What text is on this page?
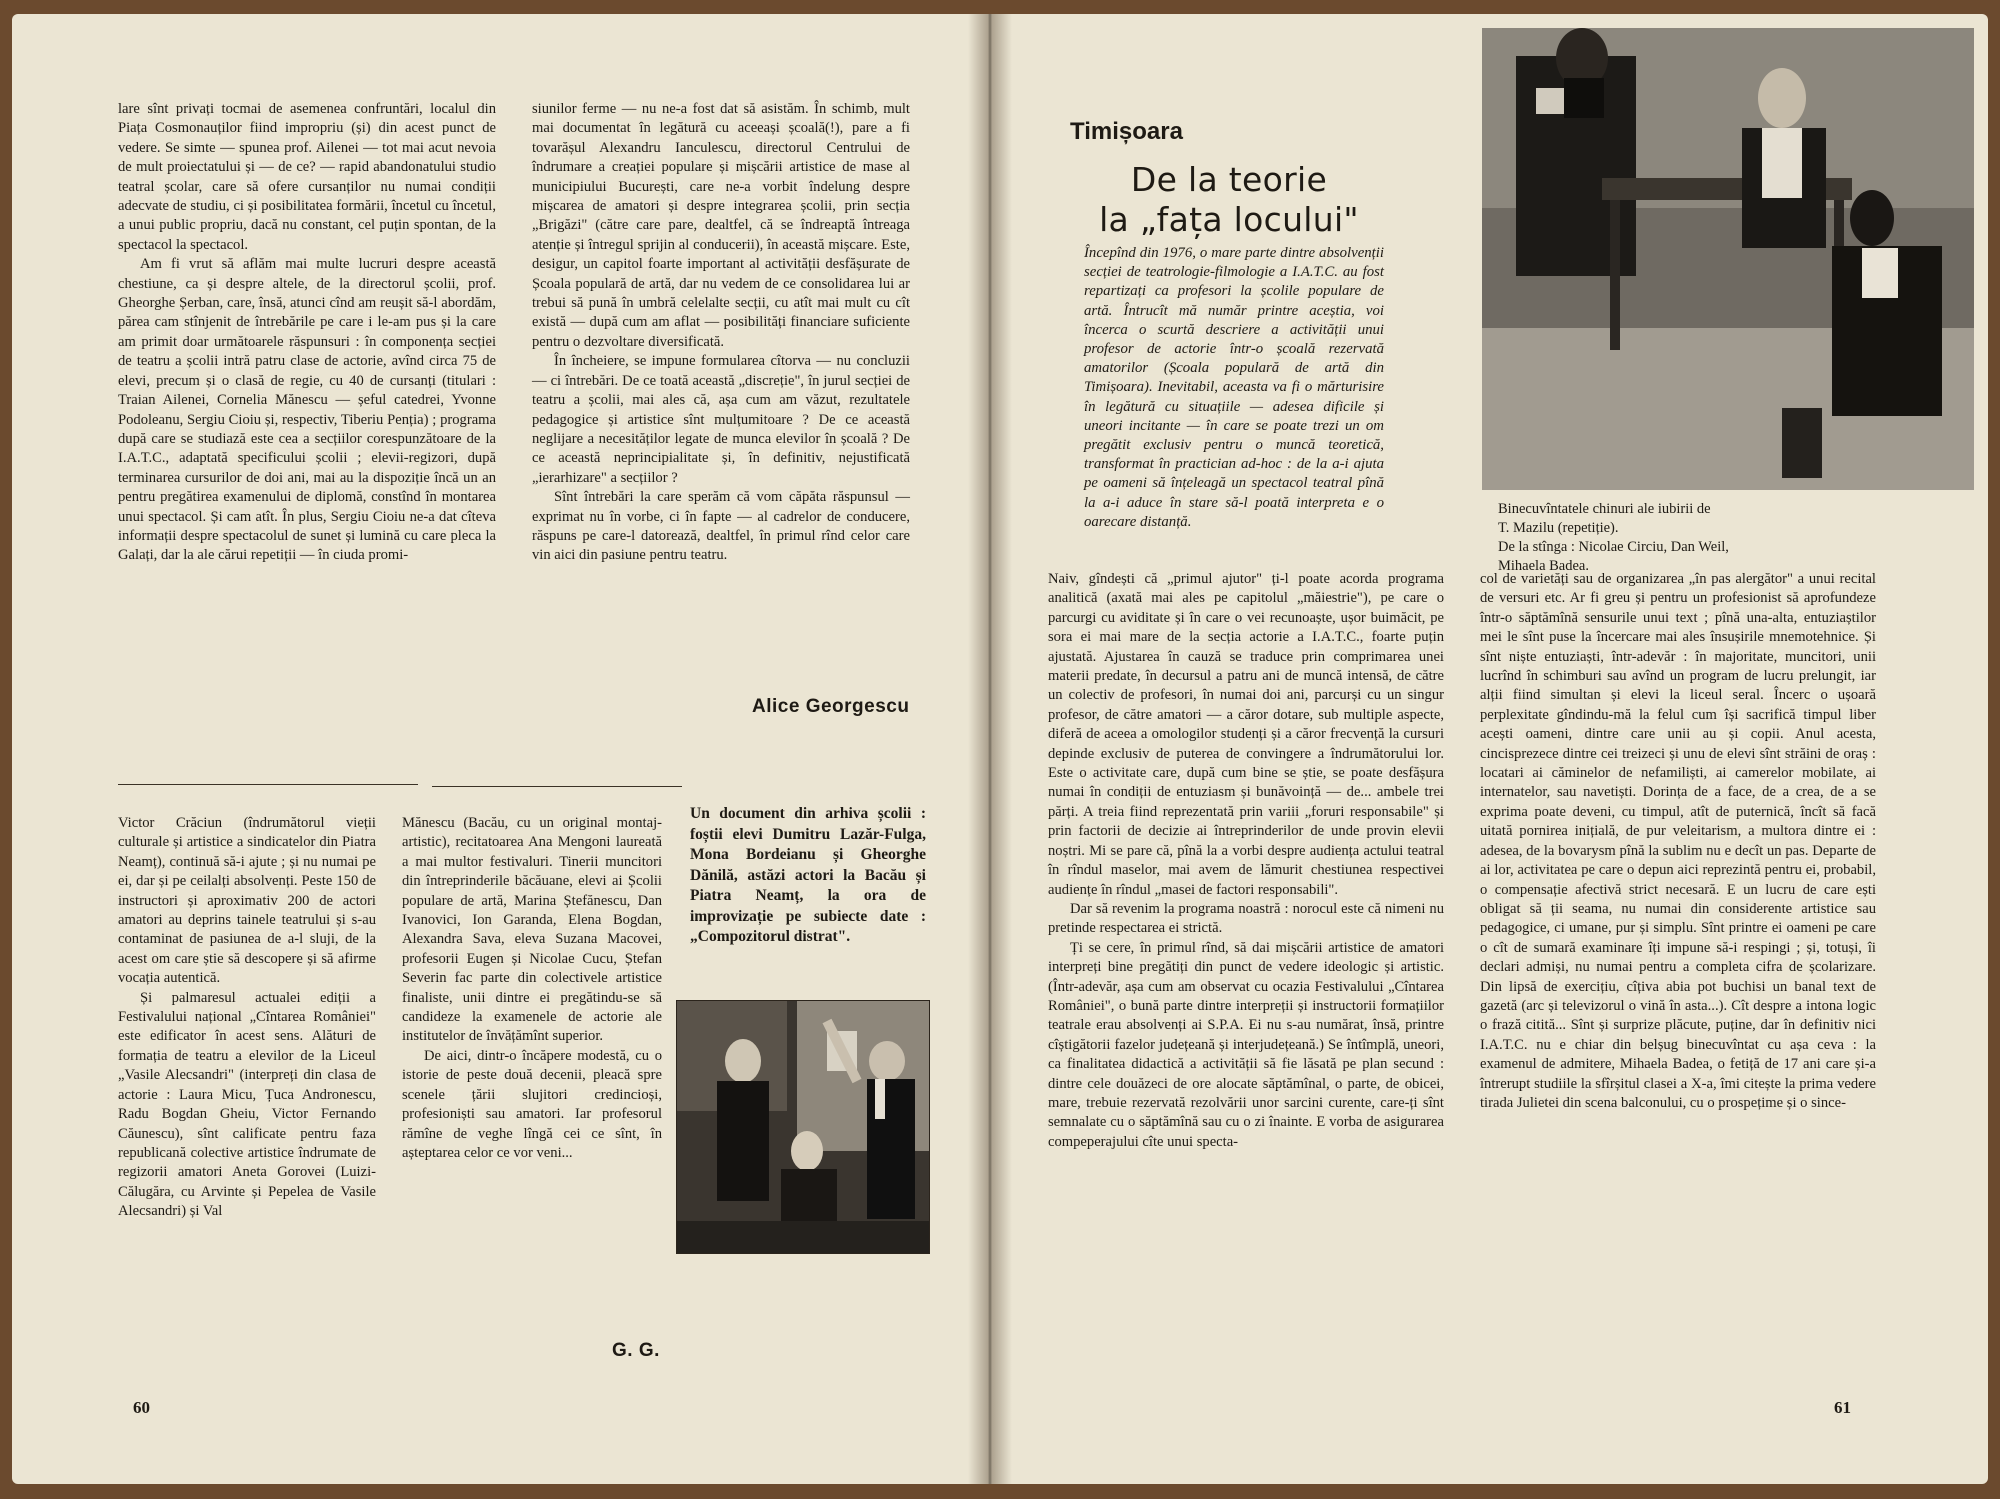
lare sînt privați tocmai de asemenea confruntări, localul din Piața Cosmonauților fiind impropriu (și) din acest punct de vedere. Se simte — spunea prof. Ailenei — tot mai acut nevoia de mult proiectatului și — de ce? — rapid abandonatului studio teatral școlar, care să ofere cursanților nu numai condiții adecvate de studiu, ci și posibilitatea formării, încetul cu încetul, a unui public propriu, dacă nu constant, cel puțin spontan, de la spectacol la spectacol.

Am fi vrut să aflăm mai multe lucruri despre această chestiune, ca și despre altele, de la directorul școlii, prof. Gheorghe Șerban, care, însă, atunci cînd am reușit să-l abordăm, părea cam stînjenit de întrebările pe care i le-am pus și la care am primit doar următoarele răspunsuri : în componența secției de teatru a școlii intră patru clase de actorie, avînd circa 75 de elevi, precum și o clasă de regie, cu 40 de cursanți (titulari : Traian Ailenei, Cornelia Mănescu — șeful catedrei, Yvonne Podoleanu, Sergiu Cioiu și, respectiv, Tiberiu Penția) ; programa după care se studiază este cea a secțiilor corespunzătoare de la I.A.T.C., adaptată specificului școlii ; elevii-regizori, după terminarea cursurilor de doi ani, mai au la dispoziție încă un an pentru pregătirea examenului de diplomă, constînd în montarea unui spectacol. Și cam atît. În plus, Sergiu Cioiu ne-a dat cîteva informații despre spectacolul de sunet și lumină cu care pleca la Galați, dar la ale cărui repetiții — în ciuda promi-

siunilor ferme — nu ne-a fost dat să asistăm. În schimb, mult mai documentat în legătură cu aceeași școală(!), pare a fi tovarășul Alexandru Ianculescu, directorul Centrului de îndrumare a creației populare și mișcării artistice de mase al municipiului București, care ne-a vorbit îndelung despre mișcarea de amatori și despre integrarea școlii, prin secția „Brigăzi" (către care pare, dealtfel, că se îndreaptă întreaga atenție și întregul sprijin al conducerii), în această mișcare. Este, desigur, un capitol foarte important al activității desfășurate de Școala populară de artă, dar nu vedem de ce consolidarea lui ar trebui să pună în umbră celelalte secții, cu atît mai mult cu cît există — după cum am aflat — posibilități financiare suficiente pentru o dezvoltare diversificată.

În încheiere, se impune formularea cîtorva — nu concluzii — ci întrebări. De ce toată această „discreție", în jurul secției de teatru a școlii, mai ales că, așa cum am văzut, rezultatele pedagogice și artistice sînt mulțumitoare ? De ce această neglijare a necesităților legate de munca elevilor în școală ? De ce această neprincipialitate și, în definitiv, nejustificată „ierarhizare" a secțiilor ?

Sînt întrebări la care sperăm că vom căpăta răspunsul — exprimat nu în vorbe, ci în fapte — al cadrelor de conducere, răspuns pe care-l datorează, dealtfel, în primul rînd celor care vin aici din pasiune pentru teatru.

Alice Georgescu

Victor Crăciun (îndrumătorul vieții culturale și artistice a sindicatelor din Piatra Neamț), continuă să-i ajute ; și nu numai pe ei, dar și pe ceilalți absolvenți. Peste 150 de instructori și aproximativ 200 de actori amatori au deprins tainele teatrului și s-au contaminat de pasiunea de a-l sluji, de la acest om care știe să descopere și să afirme vocația autentică.

Și palmaresul actualei ediții a Festivalului național „Cîntarea României" este edificator în acest sens. Alături de formația de teatru a elevilor de la Liceul „Vasile Alecsandri" (interpreți din clasa de actorie : Laura Micu, Țuca Andronescu, Radu Bogdan Gheiu, Victor Fernando Căunescu), sînt calificate pentru faza republicană colective artistice îndrumate de regizorii amatori Aneta Gorovei (Luizi-Călugăra, cu Arvinte și Pepelea de Vasile Alecsandri) și Val

Mănescu (Bacău, cu un original montaj-artistic), recitatoarea Ana Mengoni laureată a mai multor festivaluri. Tinerii muncitori din întreprinderile băcăuane, elevi ai Școlii populare de artă, Marina Ștefănescu, Dan Ivanovici, Ion Garanda, Elena Bogdan, Alexandra Sava, eleva Suzana Macovei, profesorii Eugen și Nicolae Cucu, Ștefan Severin fac parte din colectivele artistice finaliste, unii dintre ei pregătindu-se să candideze la examenele de actorie ale institutelor de învățămînt superior.

De aici, dintr-o încăpere modestă, cu o istorie de peste două decenii, pleacă spre scenele țării slujitori credincioși, profesioniști sau amatori. Iar profesorul rămîne de veghe lîngă cei ce sînt, în așteptarea celor ce vor veni...

Un document din arhiva școlii : foștii elevi Dumitru Lazăr-Fulga, Mona Bordeianu și Gheorghe Dănilă, astăzi actori la Bacău și Piatra Neamț, la ora de improvizație pe subiecte date : „Compozitorul distrat".
G. G.
60
Timișoara
De la teorie
la „fața locului"
Începînd din 1976, o mare parte dintre absolvenții secției de teatrologie-filmologie a I.A.T.C. au fost repartizați ca profesori la școlile populare de artă. Întrucît mă număr printre aceștia, voi încerca o scurtă descriere a activității unui profesor de actorie într-o școală rezervată amatorilor (Școala populară de artă din Timișoara). Inevitabil, aceasta va fi o mărturisire în legătură cu situațiile — adesea dificile și uneori incitante — în care se poate trezi un om pregătit exclusiv pentru o muncă teoretică, transformat în practician ad-hoc : de la a-i ajuta pe oameni să înțeleagă un spectacol teatral pînă la a-i aduce în stare să-l poată interpreta e o oarecare distanță.
Binecuvîntatele chinuri ale iubirii de
T. Mazilu (repetiție).
De la stînga : Nicolae Circiu, Dan Weil,
Mihaela Badea.

Naiv, gîndești că „primul ajutor" ți-l poate acorda programa analitică (axată mai ales pe capitolul „măiestrie"), pe care o parcurgi cu aviditate și în care o vei recunoaște, ușor buimăcit, pe sora ei mai mare de la secția actorie a I.A.T.C., foarte puțin ajustată. Ajustarea în cauză se traduce prin comprimarea unei materii predate, în decursul a patru ani de muncă intensă, de către un colectiv de profesori, în numai doi ani, parcurși cu un singur profesor, de către amatori — a căror dotare, sub multiple aspecte, diferă de aceea a omologilor studenți și a căror frecvență la cursuri depinde exclusiv de puterea de convingere a îndrumătorului lor. Este o activitate care, după cum bine se știe, se poate desfășura numai în condiții de entuziasm și bunăvoință — de... ambele trei părți. A treia fiind reprezentată prin variii „foruri responsabile" și prin factorii de decizie ai întreprinderilor de unde provin elevii noștri. Mi se pare că, pînă la a vorbi despre audiența actului teatral în rîndul maselor, mai avem de lămurit chestiunea respectivei audiențe în rîndul „masei de factori responsabili".

Dar să revenim la programa noastră : norocul este că nimeni nu pretinde respectarea ei strictă.

Ți se cere, în primul rînd, să dai mișcării artistice de amatori interpreți bine pregătiți din punct de vedere ideologic și artistic. (Într-adevăr, așa cum am observat cu ocazia Festivalului „Cîntarea României", o bună parte dintre interpreții și instructorii formațiilor teatrale erau absolvenți ai S.P.A. Ei nu s-au numărat, însă, printre cîștigătorii fazelor județeană și interjudețeană.) Se întîmplă, uneori, ca finalitatea didactică a activității să fie lăsată pe plan secund : dintre cele douăzeci de ore alocate săptămînal, o parte, de obicei, mare, trebuie rezervată rezolvării unor sarcini curente, care-ți sînt semnalate cu o săptămînă sau cu o zi înainte. E vorba de asigurarea compeperajului cîte unui specta-

col de varietăți sau de organizarea „în pas alergător" a unui recital de versuri etc. Ar fi greu și pentru un profesionist să aprofundeze într-o săptămînă sensurile unui text ; pînă una-alta, entuziaștilor mei le sînt puse la încercare mai ales însușirile mnemotehnice. Și sînt niște entuziaști, într-adevăr : în majoritate, muncitori, unii lucrînd în schimburi sau avînd un program de lucru prelungit, iar alții fiind simultan și elevi la liceul seral. Încerc o ușoară perplexitate gîndindu-mă la felul cum își sacrifică timpul liber acești oameni, dintre care unii au și copii. Anul acesta, cincisprezece dintre cei treizeci și unu de elevi sînt străini de oraș : locatari ai căminelor de nefamiliști, ai camerelor mobilate, ai internatelor, sau navetiști. Dorința de a face, de a crea, de a se exprima poate deveni, cu timpul, atît de puternică, încît să facă uitată pornirea inițială, de pur veleitarism, a multora dintre ei : adesea, de la bovarysm pînă la sublim nu e decît un pas. Departe de ai lor, activitatea pe care o depun aici reprezintă pentru ei, probabil, o compensație afectivă strict necesară. E un lucru de care ești obligat să ții seama, nu numai din considerente artistice sau pedagogice, ci umane, pur și simplu. Sînt printre ei oameni pe care o cît de sumară examinare îți impune să-i respingi ; și, totuși, îi declari admiși, nu numai pentru a completa cifra de școlarizare. Din lipsă de exercițiu, cîțiva abia pot buchisi un banal text de gazetă (arc și televizorul o vină în asta...). Cît despre a intona logic o frază citită... Sînt și surprize plăcute, puține, dar în definitiv nici I.A.T.C. nu e chiar din belșug binecuvîntat cu așa ceva : la examenul de admitere, Mihaela Badea, o fetiță de 17 ani care și-a întrerupt studiile la sfîrșitul clasei a X-a, îmi citește la prima vedere tirada Julietei din scena balconului, cu o prospețime și o since-

61
